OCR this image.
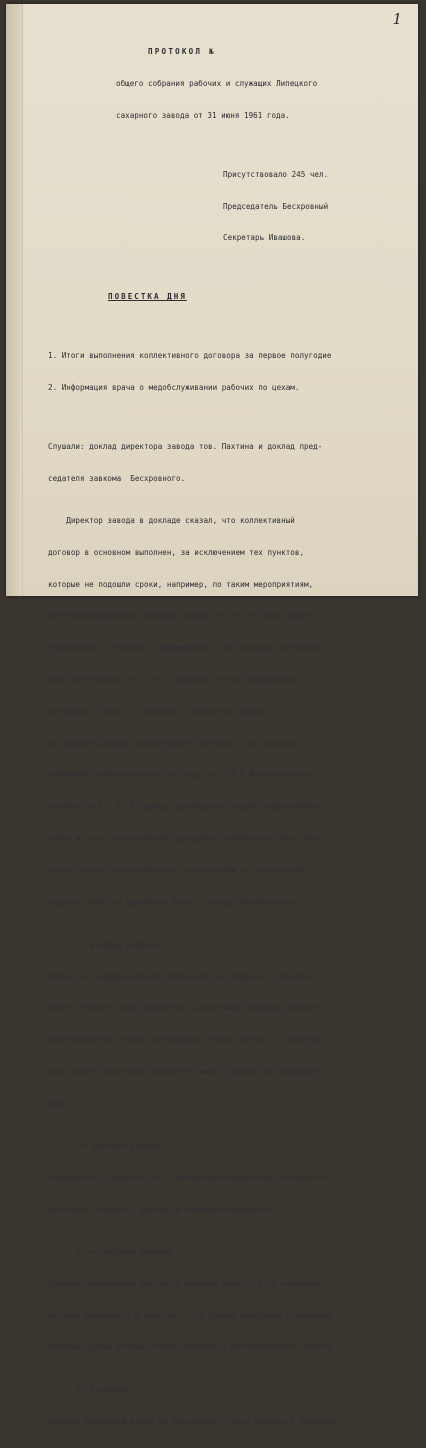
1

ПРОТОКОЛ №

общего собрания рабочих и служащих Липецкого

сахарного завода от 31 июня 1961 года.

Присутствовало 245 чел.

Председатель Бесхровный

Секретарь Ивашова.

ПОВЕСТКА ДНЯ

1. Итоги выполнения коллективного договора за первое полугодие

2. Информация врача о медобслуживании рабочих по цехам.

Слушали: доклад директора завода тов. Пахтина и доклад пред-

седателя завкома  Бесхровного.

Директор завода в докладе сказал, что коллективный

договор в основном выполнен, за исключением тех пунктов,

которые не подошли сроки, например, по таким мероприятиям,

как переоборудование санузла завода, на что не дано средств

управлением, установка утфелемешалок, быстроходных центрифуг.

Срок поступления их - 3и 4 кварталы. Часть оборудования

поступило и будет установлено в ремонтный период.

По первому разделу коллективного договора, где записано о

повышении производительности труда на 1,5 % фактически вы-

полнено на 1,1 %. В период производства хорошо соревновались

смены и итоги соревнований проводились ежемесячно. Пока ещё

плохо развито соревнование в строительном и транспортном

отделах. План по выработке белого  сахара перевыполнен.

По второму разделу :

Вновь поступающие рабочие доводятся до сведения о порядке

оплаты труда и норма выработки, расчётными книжками рабочие

обеспечиваются. Плохая организация труда рабочих в строитель-

ном отделе. Некоторые рабочие не имеют задания на следующий

день.

По третьему разделу.

Технического кабинета нет, техническая библиотека пополняется

регулярно, лекции , доклады и семинары проводятся.

По четвёртому разделу.

Трудовая дисциплина ещё не на должной высоте, есть нарушения,

которые выражаются в прогулах, что больше относится к сезонным

рабочим, среди которых плохо проводится воспитательная  работа.

По 5 разделу.

Рабочие кипяченой водой не обеспечены, часты перебои с питьевой
